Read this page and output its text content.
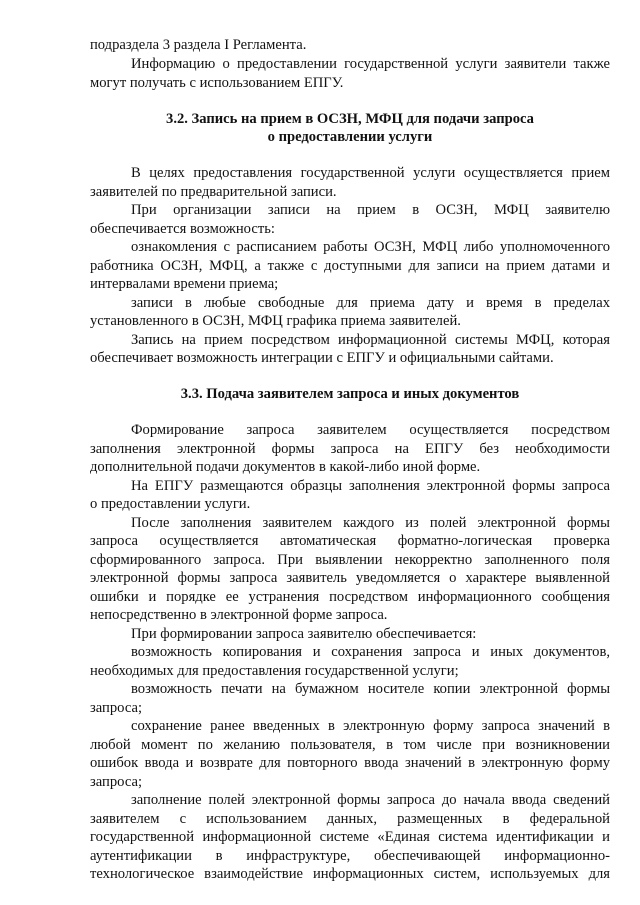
подраздела 3 раздела I Регламента.
Информацию о предоставлении государственной услуги заявители также
могут получать с использованием ЕПГУ.
3.2. Запись на прием в ОСЗН, МФЦ для подачи запроса
о предоставлении услуги
В целях предоставления государственной услуги осуществляется прием
заявителей по предварительной записи.
При организации записи на прием в ОСЗН, МФЦ заявителю
обеспечивается возможность:
ознакомления с расписанием работы ОСЗН, МФЦ либо уполномоченного
работника ОСЗН, МФЦ, а также с доступными для записи на прием датами и
интервалами времени приема;
записи в любые свободные для приема дату и время в пределах
установленного в ОСЗН, МФЦ графика приема заявителей.
Запись на прием посредством информационной системы МФЦ, которая
обеспечивает возможность интеграции с ЕПГУ и официальными сайтами.
3.3. Подача заявителем запроса и иных документов
Формирование запроса заявителем осуществляется посредством
заполнения электронной формы запроса на ЕПГУ без необходимости
дополнительной подачи документов в какой-либо иной форме.
На ЕПГУ размещаются образцы заполнения электронной формы запроса
о предоставлении услуги.
После заполнения заявителем каждого из полей электронной формы
запроса осуществляется автоматическая форматно-логическая проверка
сформированного запроса. При выявлении некорректно заполненного поля
электронной формы запроса заявитель уведомляется о характере выявленной
ошибки и порядке ее устранения посредством информационного сообщения
непосредственно в электронной форме запроса.
При формировании запроса заявителю обеспечивается:
возможность копирования и сохранения запроса и иных документов,
необходимых для предоставления государственной услуги;
возможность печати на бумажном носителе копии электронной формы
запроса;
сохранение ранее введенных в электронную форму запроса значений в
любой момент по желанию пользователя, в том числе при возникновении
ошибок ввода и возврате для повторного ввода значений в электронную форму
запроса;
заполнение полей электронной формы запроса до начала ввода сведений
заявителем с использованием данных, размещенных в федеральной
государственной информационной системе «Единая система идентификации и
аутентификации в инфраструктуре, обеспечивающей информационно-
технологическое взаимодействие информационных систем, используемых для
